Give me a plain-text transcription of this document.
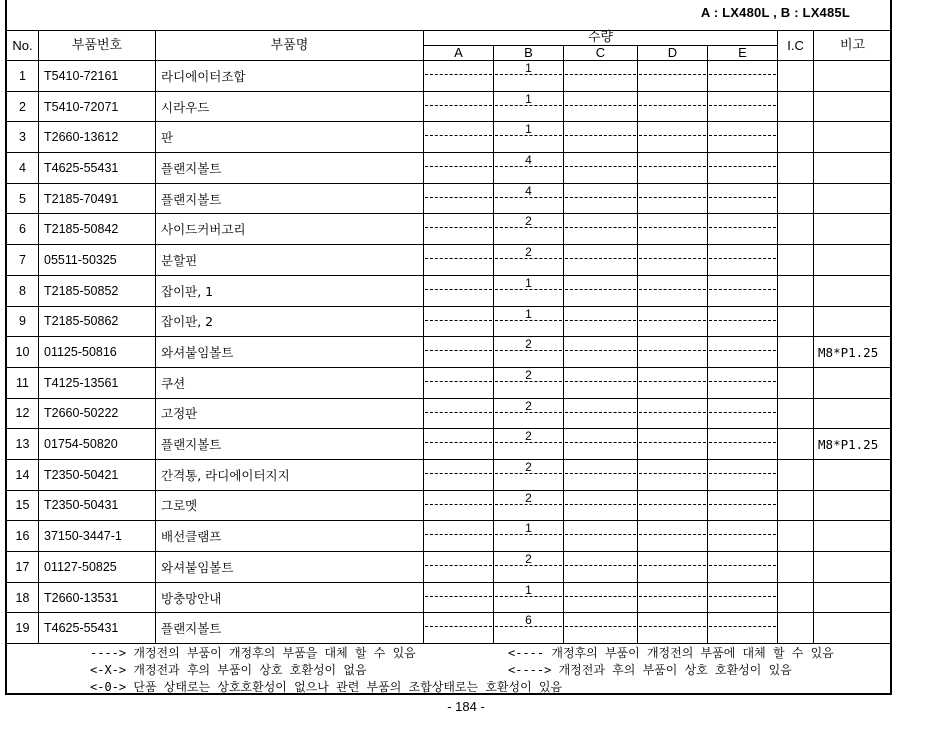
A : LX480L , B : LX485L
No.	부품번호	부품명	수량					I.C	비고
			A	B	C	D	E		
1	T5410-72161	라디에이터조합		1					

2	T5410-72071	시라우드		1					

3	T2660-13612	판		1					

4	T4625-55431	플랜지볼트		4					

5	T2185-70491	플랜지볼트		4					

6	T2185-50842	사이드커버고리		2					

7	05511-50325	분할핀		2					

8	T2185-50852	잡이판, 1		1					

9	T2185-50862	잡이판, 2		1					

10	01125-50816	와셔붙임볼트		2					M8*P1.25
11	T4125-13561	쿠션		2					

12	T2660-50222	고정판		2					

13	01754-50820	플랜지볼트		2					M8*P1.25
14	T2350-50421	간격통, 라디에이터지지		2					

15	T2350-50431	그로멧		2					

16	37150-3447-1	배선클램프		1					

17	01127-50825	와셔붙임볼트		2					

18	T2660-13531	방충망안내		1					

19	T4625-55431	플랜지볼트		6					

----> 개정전의 부품이 개정후의 부품을 대체 할 수 있음

	<---- 개정후의 부품이 개정전의 부품에 대체 할 수 있음

<-X-> 개정전과 후의 부품이 상호 호환성이 없음

	<----> 개정전과 후의 부품이 상호 호환성이 있음

<-0-> 단품 상태로는 상호호환성이 없으나 관련 부품의 조합상태로는 호환성이 있음

- 184 -
